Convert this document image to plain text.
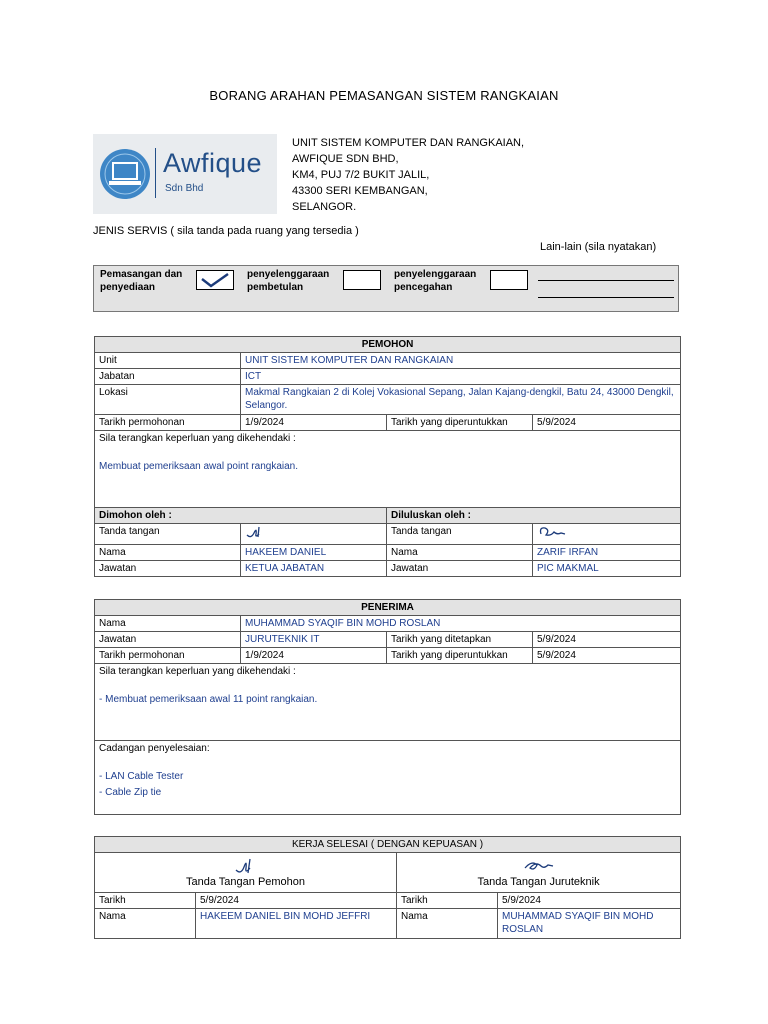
BORANG ARAHAN PEMASANGAN SISTEM RANGKAIAN
Awfique
Sdn Bhd
UNIT SISTEM KOMPUTER DAN RANGKAIAN,
AWFIQUE SDN BHD,
KM4, PUJ 7/2 BUKIT JALIL,
43300 SERI KEMBANGAN,
SELANGOR.
JENIS SERVIS ( sila tanda pada ruang yang tersedia )
Lain-lain (sila nyatakan)
Pemasangan dan
penyediaan
penyelenggaraan
pembetulan
penyelenggaraan
pencegahan
PEMOHON			
Unit	UNIT SISTEM KOMPUTER DAN RANGKAIAN		
Jabatan	ICT		
Lokasi	Makmal Rangkaian 2 di Kolej Vokasional Sepang, Jalan Kajang-dengkil, Batu 24, 43000 Dengkil, Selangor.		
Tarikh permohonan	1/9/2024	Tarikh yang diperuntukkan	5/9/2024

Sila terangkan keperluan yang dikehendaki :
Membuat pemeriksaan awal point rangkaian.			

Dimohon oleh :		Diluluskan oleh :	
Tanda tangan		Tanda tangan	
Nama	HAKEEM DANIEL	Nama	ZARIF IRFAN
Jawatan	KETUA JABATAN	Jawatan	PIC MAKMAL
PENERIMA			
Nama	MUHAMMAD SYAQIF BIN MOHD ROSLAN		
Jawatan	JURUTEKNIK IT	Tarikh yang ditetapkan	5/9/2024
Tarikh permohonan	1/9/2024	Tarikh yang diperuntukkan	5/9/2024

Sila terangkan keperluan yang dikehendaki :
- Membuat pemeriksaan awal 11 point rangkaian.			

Cadangan penyelesaian:
- LAN Cable Tester
- Cable Zip tie			
KERJA SELESAI ( DENGAN KEPUASAN )			

Tanda Tangan Pemohon		Tanda Tangan Juruteknik	
Tarikh	5/9/2024	Tarikh	5/9/2024
Nama	HAKEEM DANIEL BIN MOHD JEFFRI	Nama	MUHAMMAD SYAQIF BIN MOHD ROSLAN
